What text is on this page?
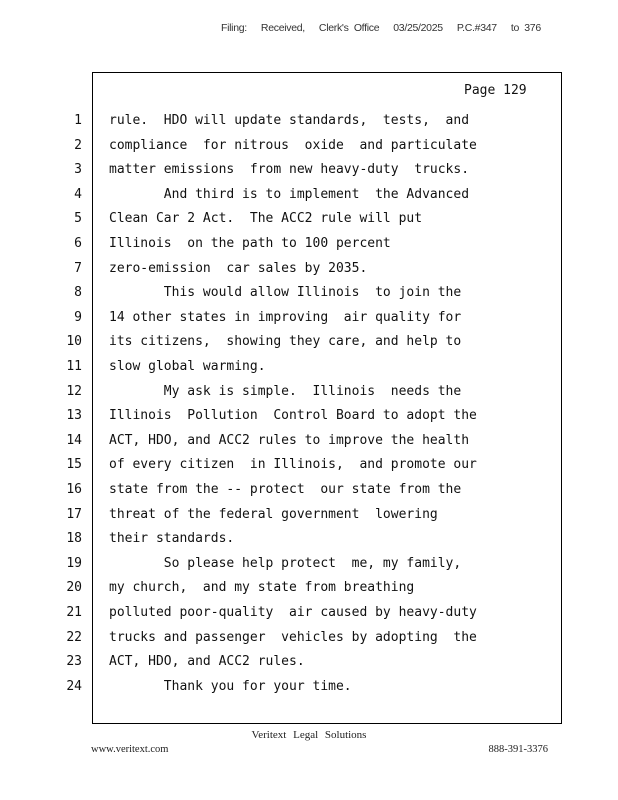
Filing: Received, Clerk's  Office 03/25/2025 P.C.#347 to  376
Page 129
1 rule.  HDO will update standards,  tests,  and
2 compliance  for nitrous  oxide  and particulate
3 matter emissions  from new heavy-duty  trucks.
4 And third is to implement  the Advanced
5 Clean Car 2 Act.  The ACC2 rule will put
6 Illinois  on the path to 100 percent
7 zero-emission  car sales by 2035.
8 This would allow Illinois  to join the
9 14 other states in improving  air quality for
10 its citizens,  showing they care, and help to
11 slow global warming.
12 My ask is simple.  Illinois  needs the
13 Illinois  Pollution  Control Board to adopt the
14 ACT, HDO, and ACC2 rules to improve the health
15 of every citizen  in Illinois,  and promote our
16 state from the -- protect  our state from the
17 threat of the federal government  lowering
18 their standards.
19 So please help protect  me, my family,
20 my church,  and my state from breathing
21 polluted poor-quality  air caused by heavy-duty
22 trucks and passenger  vehicles by adopting  the
23 ACT, HDO, and ACC2 rules.
24 Thank you for your time.
Veritext Legal Solutions
www.veritext.com	888-391-3376
